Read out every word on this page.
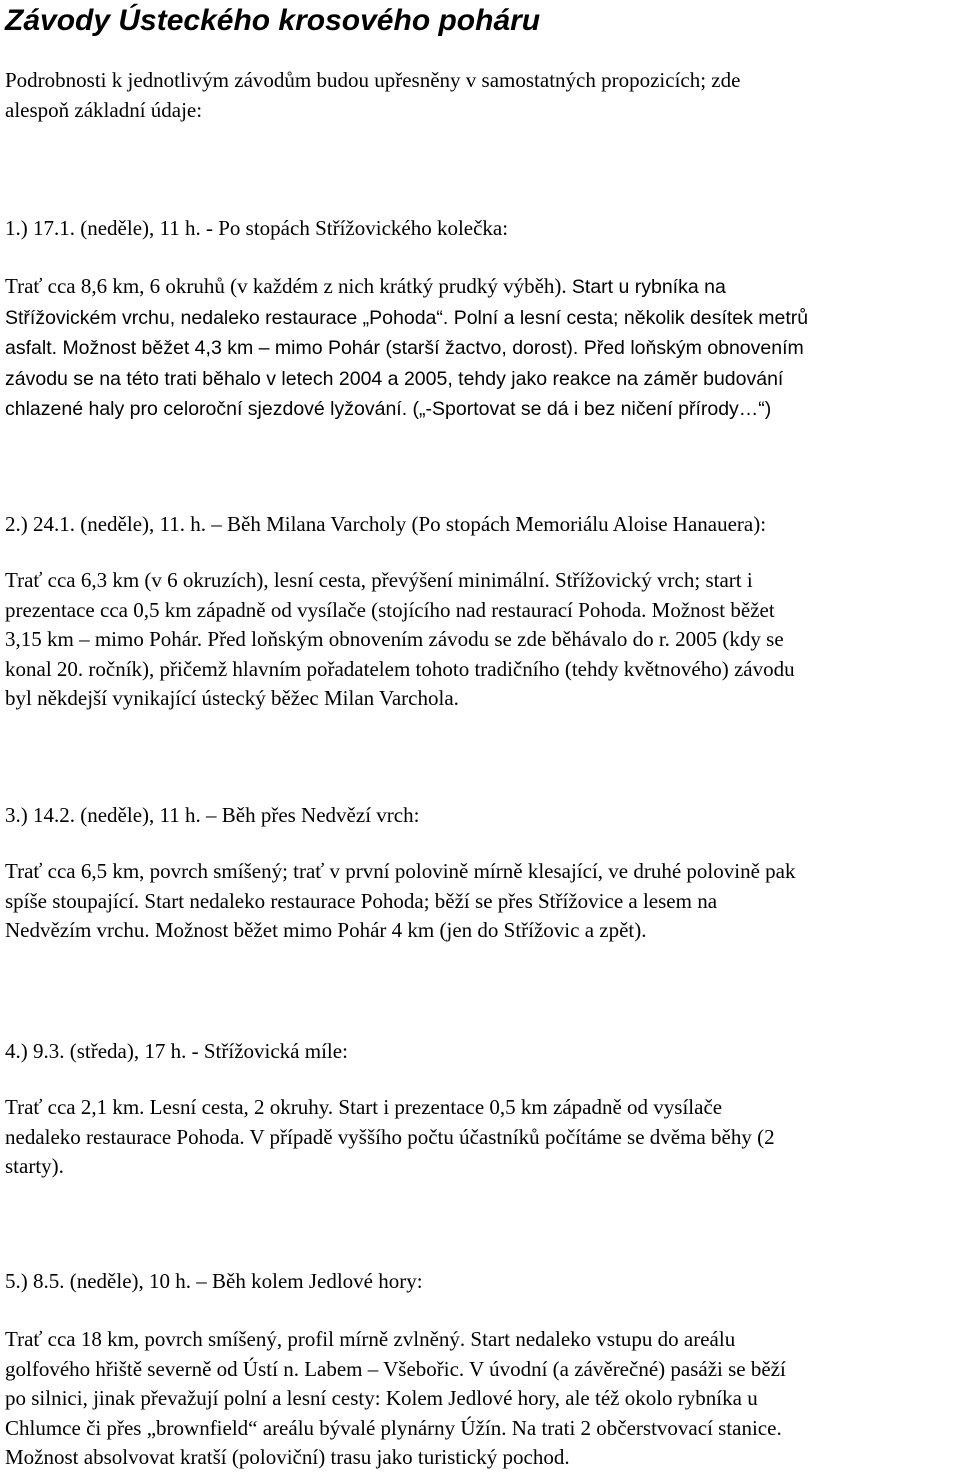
Závody Ústeckého krosového poháru
Podrobnosti k jednotlivým závodům budou upřesněny v samostatných propozicích; zde
alespoň základní údaje:
1.) 17.1. (neděle), 11 h. - Po stopách Střížovického kolečka:
Trať cca 8,6 km, 6 okruhů (v každém z nich krátký prudký výběh). Start u rybníka na
Střížovickém vrchu, nedaleko restaurace „Pohoda“. Polní a lesní cesta; několik desítek metrů
asfalt. Možnost běžet 4,3 km – mimo Pohár (starší žactvo, dorost). Před loňským obnovením
závodu se na této trati běhalo v letech 2004 a 2005, tehdy jako reakce na záměr budování
chlazené haly pro celoroční sjezdové lyžování. („-Sportovat se dá i bez ničení přírody…“)
2.) 24.1. (neděle), 11. h. – Běh Milana Varcholy (Po stopách Memoriálu Aloise Hanauera):
Trať cca 6,3 km (v 6 okruzích), lesní cesta, převýšení minimální. Střížovický vrch; start i
prezentace cca 0,5 km západně od vysílače (stojícího nad restaurací Pohoda. Možnost běžet
3,15 km – mimo Pohár. Před loňským obnovením závodu se zde běhávalo do r. 2005 (kdy se
konal 20. ročník), přičemž hlavním pořadatelem tohoto tradičního (tehdy květnového) závodu
byl někdejší vynikající ústecký běžec Milan Varchola.
3.) 14.2. (neděle), 11 h. – Běh přes Nedvězí vrch:
Trať cca 6,5 km, povrch smíšený; trať v první polovině mírně klesající, ve druhé polovině pak
spíše stoupající. Start nedaleko restaurace Pohoda; běží se přes Střížovice a lesem na
Nedvězím vrchu. Možnost běžet mimo Pohár 4 km (jen do Střížovic a zpět).
4.) 9.3. (středa), 17 h. - Střížovická míle:
Trať cca 2,1 km. Lesní cesta, 2 okruhy. Start i prezentace 0,5 km západně od vysílače
nedaleko restaurace Pohoda. V případě vyššího počtu účastníků počítáme se dvěma běhy (2
starty).
5.) 8.5. (neděle), 10 h. – Běh kolem Jedlové hory:
Trať cca 18 km, povrch smíšený, profil mírně zvlněný. Start nedaleko vstupu do areálu
golfového hřiště severně od Ústí n. Labem – Všebořic. V úvodní (a závěrečné) pasáži se běží
po silnici, jinak převažují polní a lesní cesty: Kolem Jedlové hory, ale též okolo rybníka u
Chlumce či přes „brownfield“ areálu bývalé plynárny Úžín. Na trati 2 občerstvovací stanice.
Možnost absolvovat kratší (poloviční) trasu jako turistický pochod.
